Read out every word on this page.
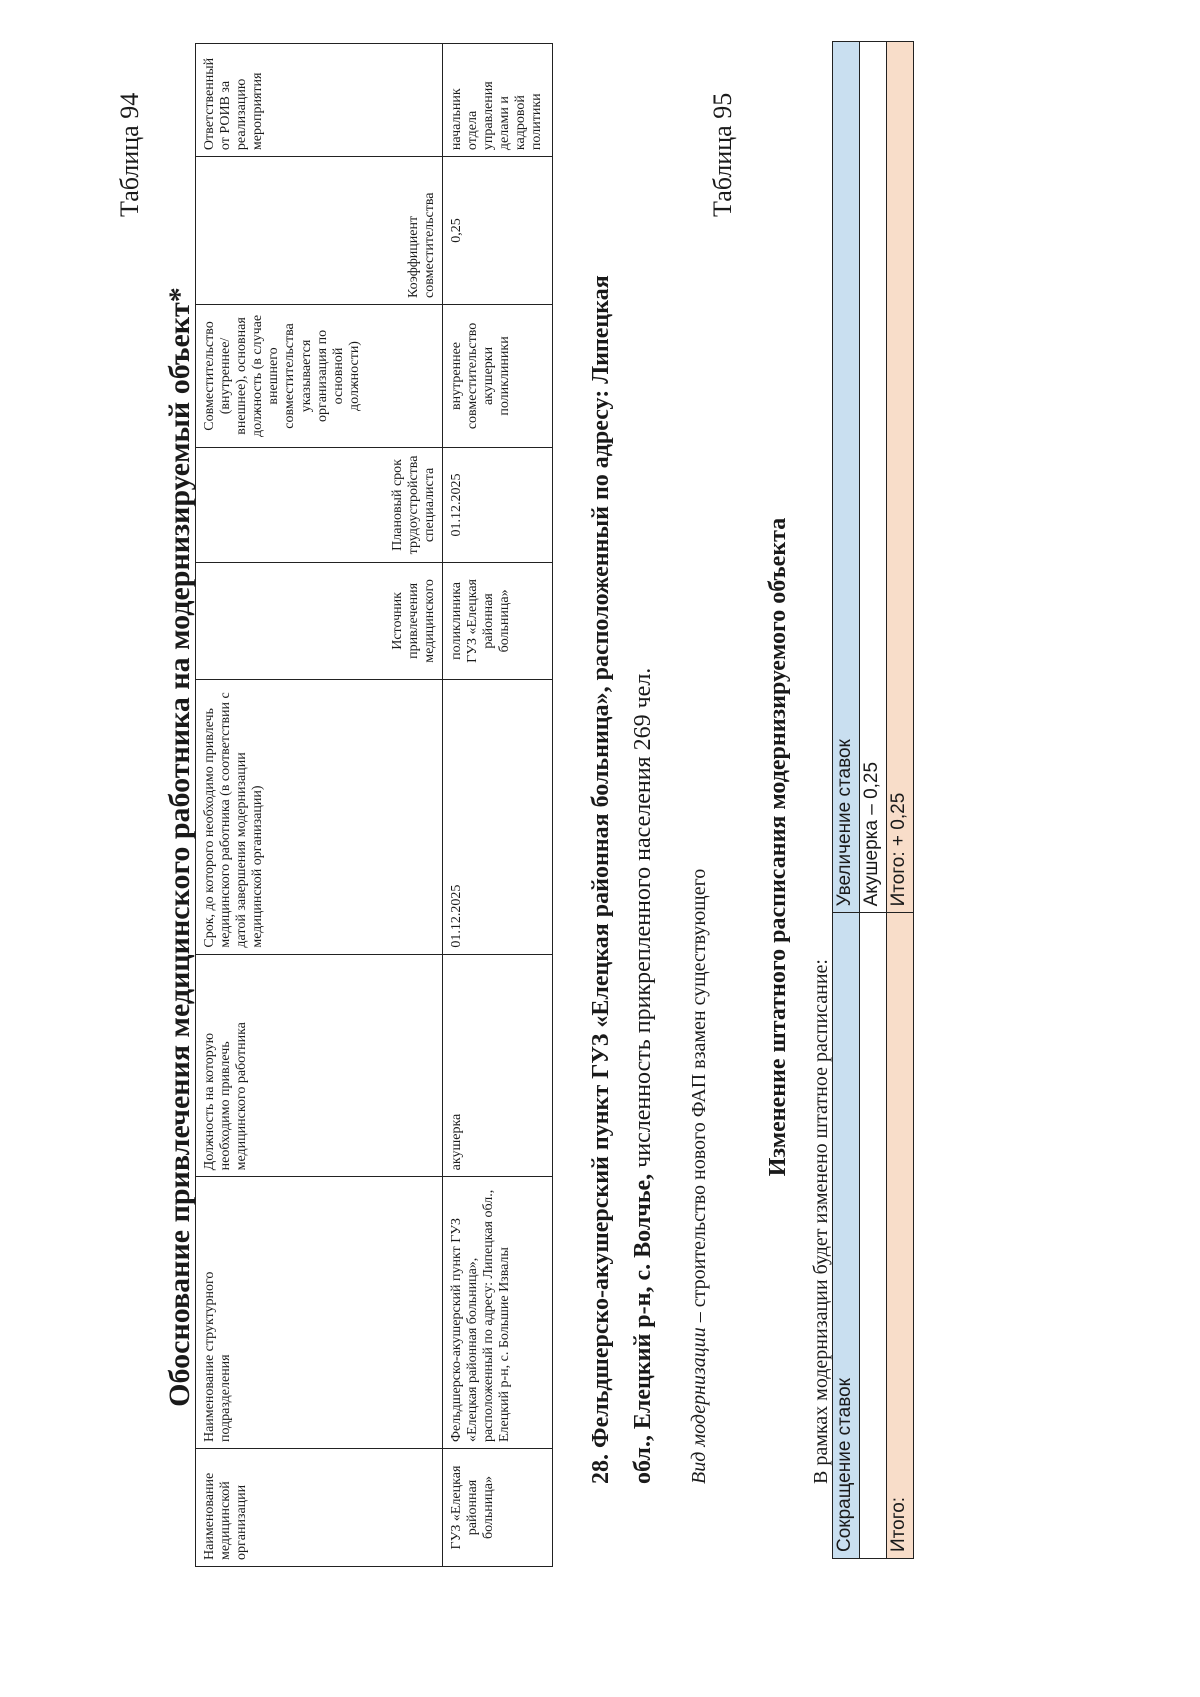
Таблица 94
Обоснование привлечения медицинского работника на модернизируемый объект*
Наименование медицинской организации	Наименование структурного подразделения	Должность на которую необходимо привлечь медицинского работника	Срок, до которого необходимо привлечь медицинского работника (в соответствии с датой завершения модернизации медицинской организации)	Источник привлечения медицинского	Плановый срок трудоустройства специалиста	Совместительство (внутреннее/внешнее), основная должность (в случае внешнего совместительства указывается организация по основной должности)	Коэффициент совместительства	Ответственный от РОИВ за реализацию мероприятия
ГУЗ «Елецкая районная больница»	Фельдшерско-акушерский пункт ГУЗ «Елецкая районная больница», расположенный по адресу: Липецкая обл., Елецкий р-н, с. Большие Извалы	акушерка	01.12.2025	поликлиника ГУЗ «Елецкая районная больница»	01.12.2025	внутреннее совместительство акушерки поликлиники	0,25	начальник отдела управления делами и кадровой политики
28. Фельдшерско-акушерский пункт ГУЗ «Елецкая районная больница», расположенный по адресу: Липецкая обл., Елецкий р-н, с. Волчье, численность прикрепленного населения 269 чел.
Вид модернизации – строительство нового ФАП взамен существующего
Таблица 95
Изменение штатного расписания модернизируемого объекта
В рамках модернизации будет изменено штатное расписание: Сокращение ставок	Увеличение ставок
	Акушерка – 0,25
Итого:	Итого: + 0,25
